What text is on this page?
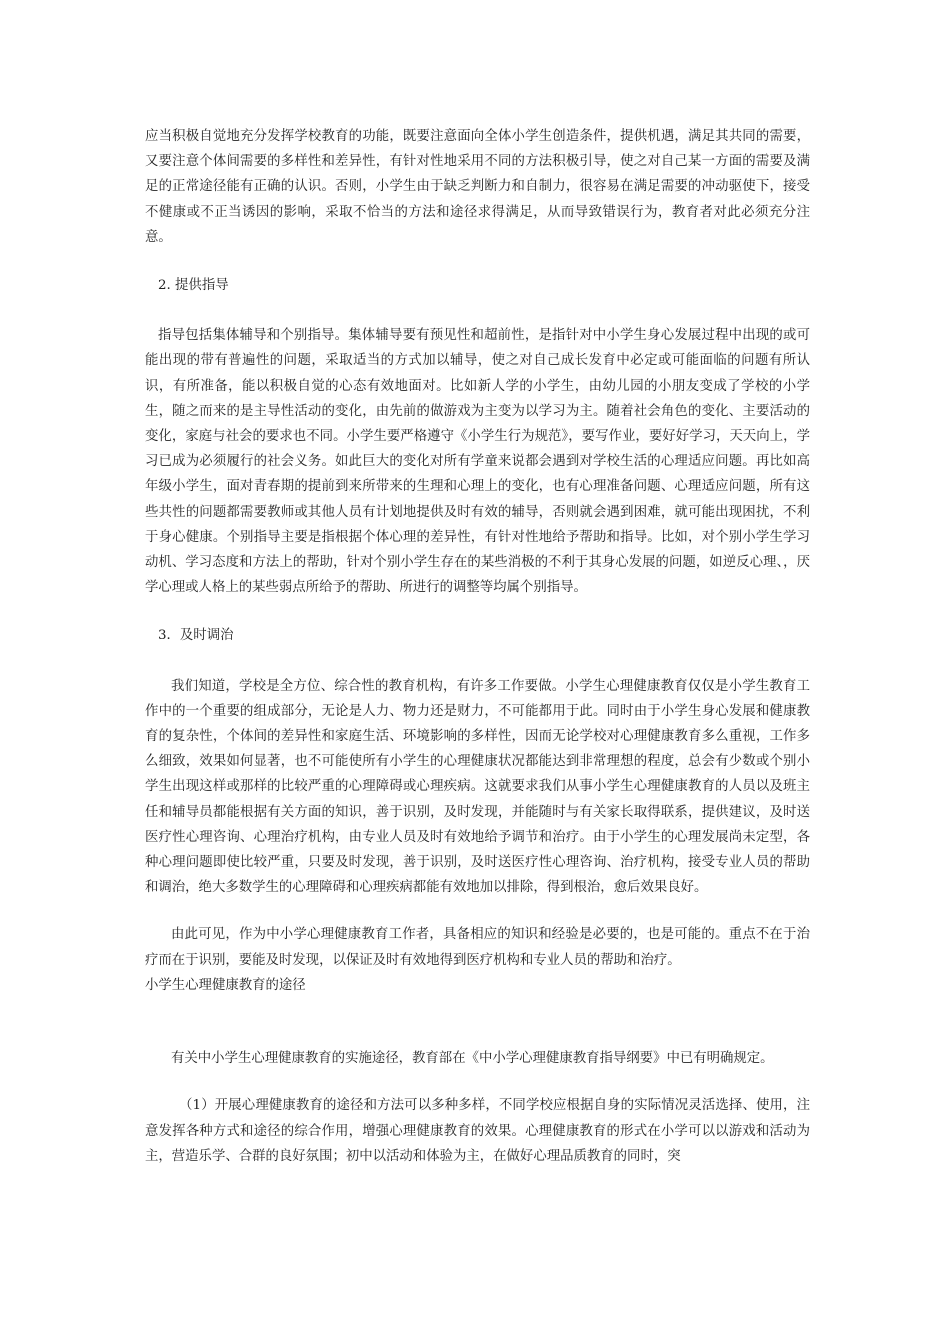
应当积极自觉地充分发挥学校教育的功能，既要注意面向全体小学生创造条件，提供机遇，满足其共同的需要，又要注意个体间需要的多样性和差异性，有针对性地采用不同的方法积极引导，使之对自己某一方面的需要及满足的正常途径能有正确的认识。否则，小学生由于缺乏判断力和自制力，很容易在满足需要的冲动驱使下，接受不健康或不正当诱因的影响，采取不恰当的方法和途径求得满足，从而导致错误行为，教育者对此必须充分注意。

2. 提供指导

指导包括集体辅导和个别指导。集体辅导要有预见性和超前性，是指针对中小学生身心发展过程中出现的或可能出现的带有普遍性的问题，采取适当的方式加以辅导，使之对自己成长发育中必定或可能面临的问题有所认识，有所准备，能以积极自觉的心态有效地面对。比如新人学的小学生，由幼儿园的小朋友变成了学校的小学生，随之而来的是主导性活动的变化，由先前的做游戏为主变为以学习为主。随着社会角色的变化、主要活动的变化，家庭与社会的要求也不同。小学生要严格遵守《小学生行为规范》，要写作业，要好好学习，天天向上，学习已成为必须履行的社会义务。如此巨大的变化对所有学童来说都会遇到对学校生活的心理适应问题。再比如高年级小学生，面对青春期的提前到来所带来的生理和心理上的变化，也有心理准备问题、心理适应问题，所有这些共性的问题都需要教师或其他人员有计划地提供及时有效的辅导，否则就会遇到困难，就可能出现困扰，不利于身心健康。个别指导主要是指根据个体心理的差异性，有针对性地给予帮助和指导。比如，对个别小学生学习动机、学习态度和方法上的帮助，针对个别小学生存在的某些消极的不利于其身心发展的问题，如逆反心理、，厌学心理或人格上的某些弱点所给予的帮助、所进行的调整等均属个别指导。

3．及时调治

我们知道，学校是全方位、综合性的教育机构，有许多工作要做。小学生心理健康教育仅仅是小学生教育工作中的一个重要的组成部分，无论是人力、物力还是财力，不可能都用于此。同时由于小学生身心发展和健康教育的复杂性，个体间的差异性和家庭生活、环境影响的多样性，因而无论学校对心理健康教育多么重视，工作多么细致，效果如何显著，也不可能使所有小学生的心理健康状况都能达到非常理想的程度，总会有少数或个别小学生出现这样或那样的比较严重的心理障碍或心理疾病。这就要求我们从事小学生心理健康教育的人员以及班主任和辅导员都能根据有关方面的知识，善于识别，及时发现，并能随时与有关家长取得联系，提供建议，及时送医疗性心理咨询、心理治疗机构，由专业人员及时有效地给予调节和治疗。由于小学生的心理发展尚未定型，各种心理问题即使比较严重，只要及时发现，善于识别，及时送医疗性心理咨询、治疗机构，接受专业人员的帮助和调治，绝大多数学生的心理障碍和心理疾病都能有效地加以排除，得到根治，愈后效果良好。

由此可见，作为中小学心理健康教育工作者，具备相应的知识和经验是必要的，也是可能的。重点不在于治疗而在于识别，要能及时发现，以保证及时有效地得到医疗机构和专业人员的帮助和治疗。

小学生心理健康教育的途径

有关中小学生心理健康教育的实施途径，教育部在《中小学心理健康教育指导纲要》中已有明确规定。

（1）开展心理健康教育的途径和方法可以多种多样，不同学校应根据自身的实际情况灵活选择、使用，注意发挥各种方式和途径的综合作用，增强心理健康教育的效果。心理健康教育的形式在小学可以以游戏和活动为主，营造乐学、合群的良好氛围；初中以活动和体验为主，在做好心理品质教育的同时，突
